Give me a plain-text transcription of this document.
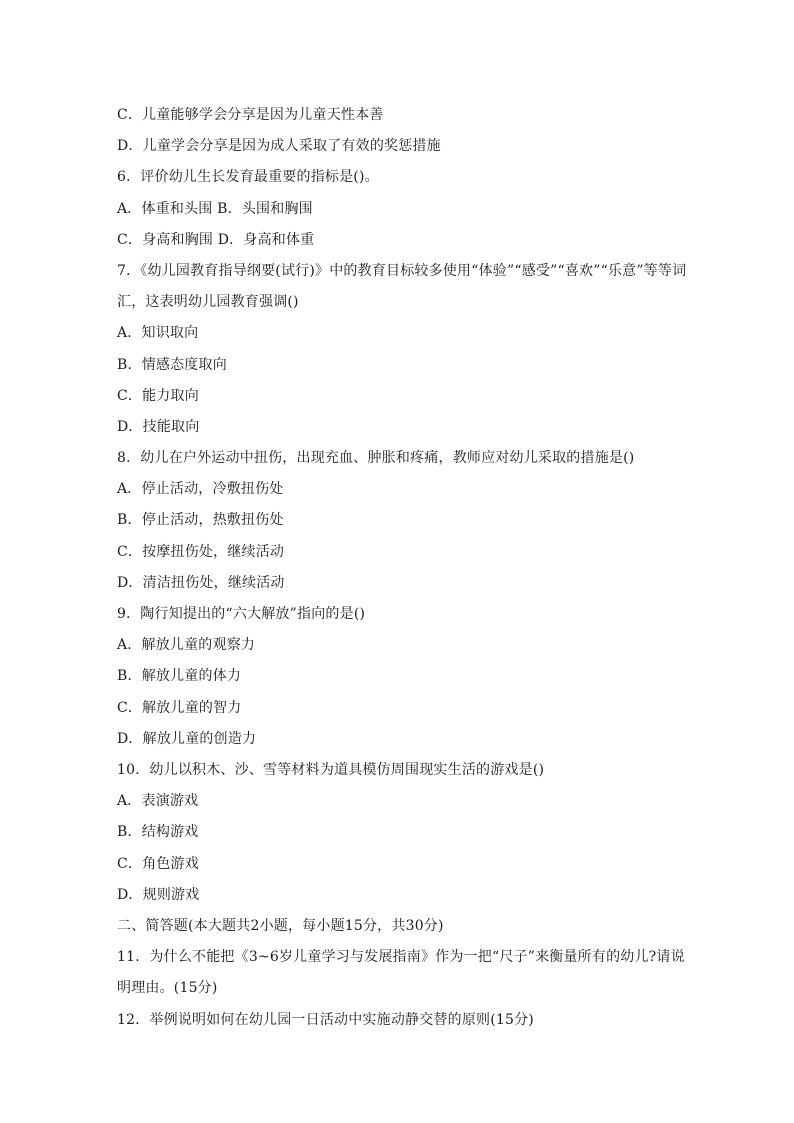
C．儿童能够学会分享是因为儿童天性本善
D．儿童学会分享是因为成人采取了有效的奖惩措施
6．评价幼儿生长发育最重要的指标是()。
A．体重和头围 B．头围和胸围
C．身高和胸围 D．身高和体重
7．《幼儿园教育指导纲要(试行)》中的教育目标较多使用“体验”“感受”“喜欢”“乐意”等等词汇，这表明幼儿园教育强调()
A．知识取向
B．情感态度取向
C．能力取向
D．技能取向
8．幼儿在户外运动中扭伤，出现充血、肿胀和疼痛，教师应对幼儿采取的措施是()
A．停止活动，冷敷扭伤处
B．停止活动，热敷扭伤处
C．按摩扭伤处，继续活动
D．清洁扭伤处，继续活动
9．陶行知提出的“六大解放”指向的是()
A．解放儿童的观察力
B．解放儿童的体力
C．解放儿童的智力
D．解放儿童的创造力
10．幼儿以积木、沙、雪等材料为道具模仿周围现实生活的游戏是()
A．表演游戏
B．结构游戏
C．角色游戏
D．规则游戏
二、简答题(本大题共2小题，每小题15分，共30分)
11．为什么不能把《3~6岁儿童学习与发展指南》作为一把“尺子”来衡量所有的幼儿?请说明理由。(15分)
12．举例说明如何在幼儿园一日活动中实施动静交替的原则(15分)
